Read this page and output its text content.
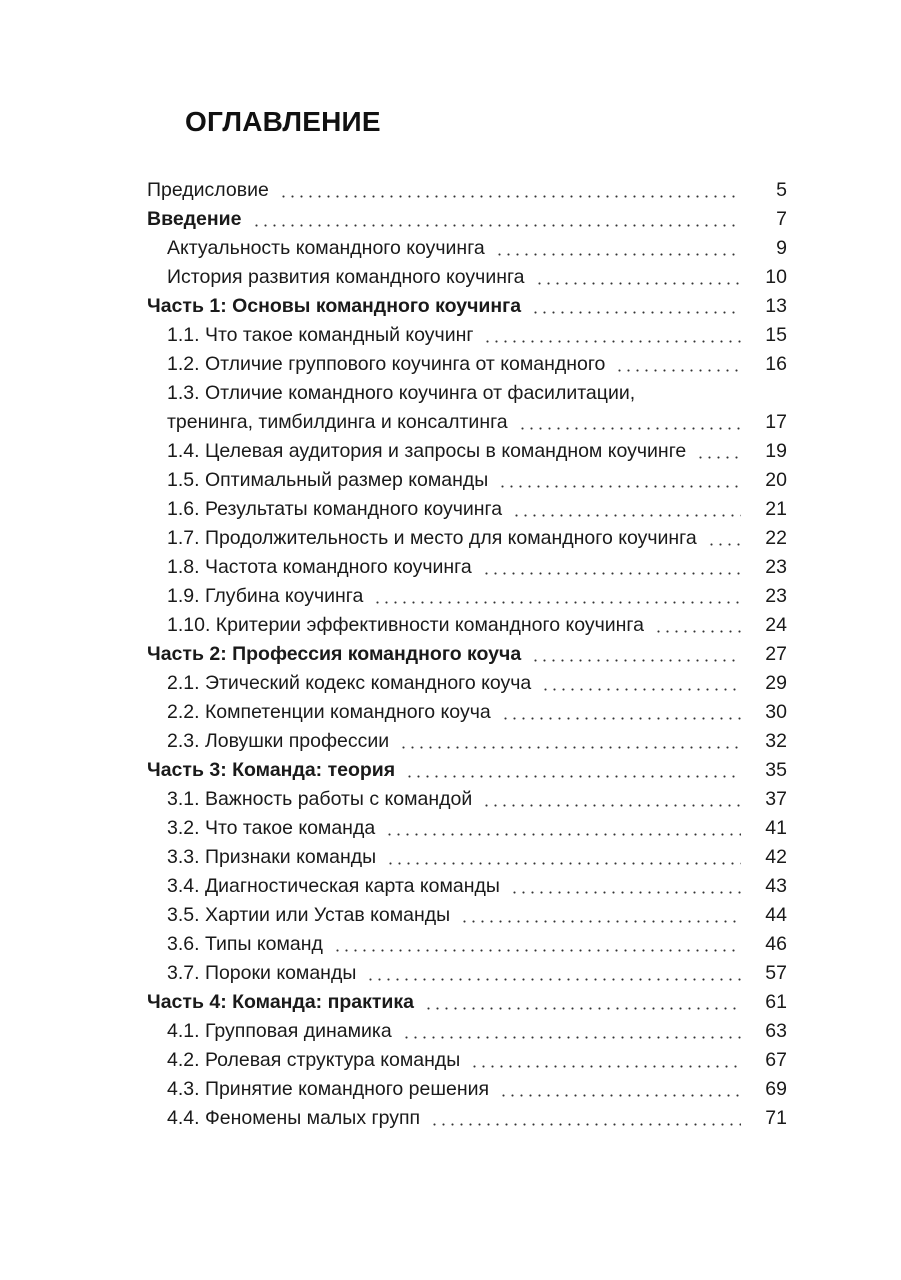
ОГЛАВЛЕНИЕ
Предисловие	5
Введение	7
Актуальность командного коучинга	9
История развития командного коучинга	10
Часть 1: Основы командного коучинга	13
1.1. Что такое командный коучинг	15
1.2. Отличие группового коучинга от командного	16
1.3. Отличие командного коучинга от фасилитации,
тренинга, тимбилдинга и консалтинга	17
1.4. Целевая аудитория и запросы в командном коучинге	19
1.5. Оптимальный размер команды	20
1.6. Результаты командного коучинга	21
1.7. Продолжительность и место для командного коучинга	22
1.8. Частота командного коучинга	23
1.9. Глубина коучинга	23
1.10. Критерии эффективности командного коучинга	24
Часть 2: Профессия командного коуча	27
2.1. Этический кодекс командного коуча	29
2.2. Компетенции командного коуча	30
2.3. Ловушки профессии	32
Часть 3: Команда: теория	35
3.1. Важность работы с командой	37
3.2. Что такое команда	41
3.3. Признаки команды	42
3.4. Диагностическая карта команды	43
3.5. Хартии или Устав команды	44
3.6. Типы команд	46
3.7. Пороки команды	57
Часть 4: Команда: практика	61
4.1. Групповая динамика	63
4.2. Ролевая структура команды	67
4.3. Принятие командного решения	69
4.4. Феномены малых групп	71
